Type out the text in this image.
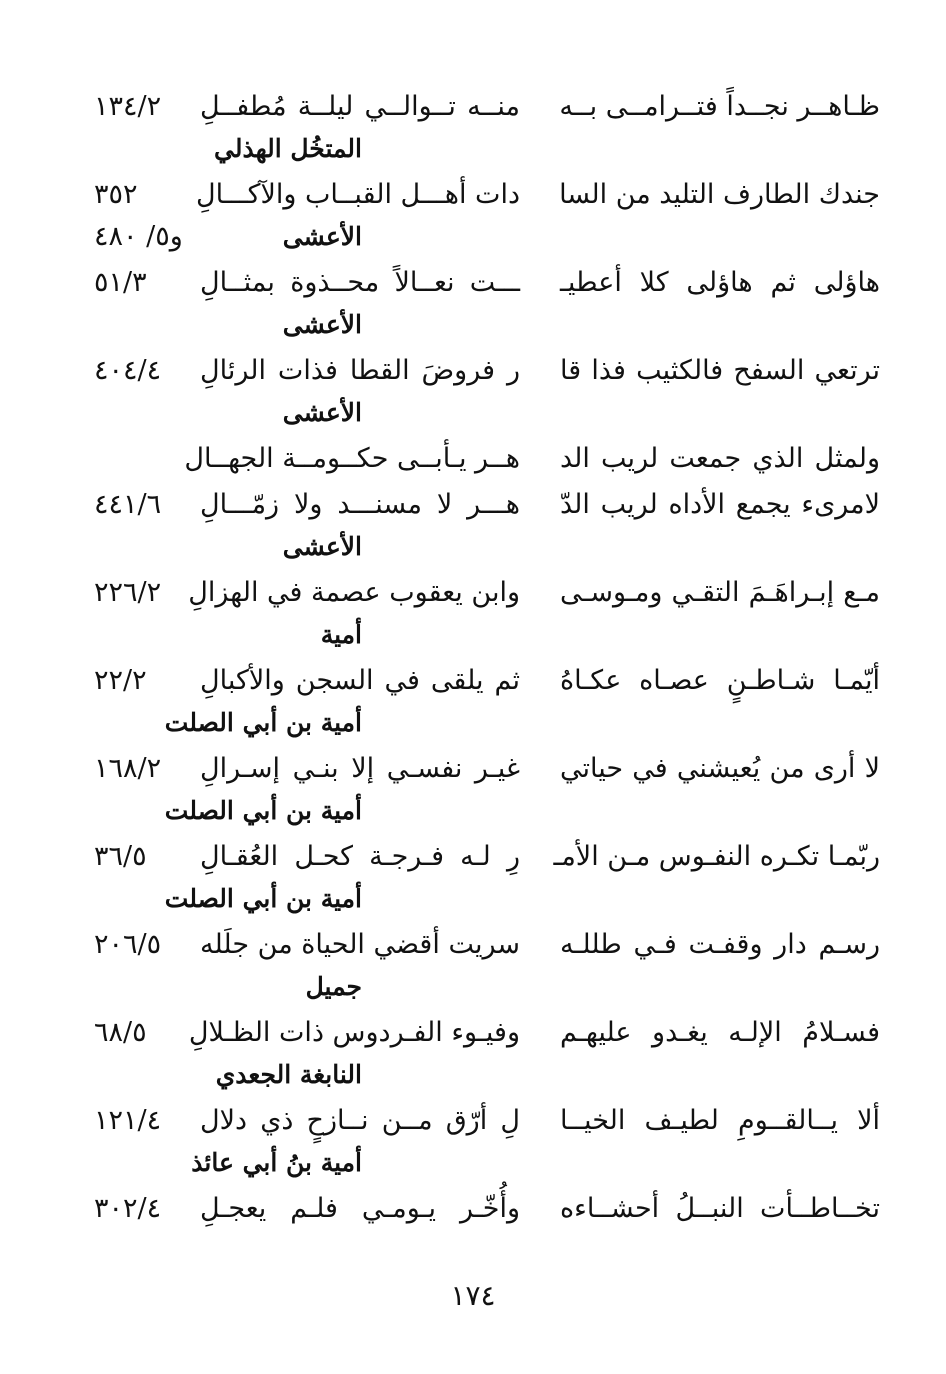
ظـاهــر نجــداً فتــرامــى بــه
منــه تــوالــي ليلــة مُطفــلِ
١٣٤/٢
المتخُل الهذلي
جندك الطارف التليد من السا
دات أهـــل القبــاب والآكـــالِ
٣٥٢
الأعشى
و٥/ ٤٨٠
هاؤلى ثم هاؤلى كلا أعطيـ
ـــت نعــالاً محــذوة بمثــالِ
٥١/٣
الأعشى
ترتعي السفح فالكثيب فذا قا
ر فروضَ القطا فذات الرئالِ
٤٠٤/٤
الأعشى
ولمثل الذي جمعت لريب الد
هــر يـأبــى حكــومــة الجهــال
لامرىء يجمع الأداه لريب الدّ
هـــر لا مسنـــد ولا زمّـــالِ
٤٤١/٦
الأعشى
مـع إبـراهَـمَ التقـي ومـوسـى
وابن يعقوب عصمة في الهزالِ
٢٢٦/٢
أمية
أيّمـا شـاطـنٍ عصـاه عكـاهُ
ثم يلقى في السجن والأكبالِ
٢٢/٢
أمية بن أبي الصلت
لا أرى من يُعيشني في حياتي
غيـر نفسـي إلا بنـي إسـرالِ
١٦٨/٢
أمية بن أبي الصلت
ربّمـا تكـره النفـوس مـن الأمـ
رِ لـه فـرجـة كحـل العُقـالِ
٣٦/٥
أمية بن أبي الصلت
رسـم دار وقفـت فـي طللـه
سريت أقضي الحياة من جلَله
٢٠٦/٥
جميل
فسـلامُ الإلـه يغـدو عليهـم
وفيـوء الفـردوس ذات الظـلالِ
٦٨/٥
النابغة الجعدي
ألا يــالقــومِ لطيـف الخيــا
لِ أرّق مــن نــازحٍ ذي دلال
١٢١/٤
أمية بنُ أبي عائذ
تخــاطــأت النبــلُ أحشــاءه
وأُخّـر يـومـي فلـم يعجـلِ
٣٠٢/٤
١٧٤
